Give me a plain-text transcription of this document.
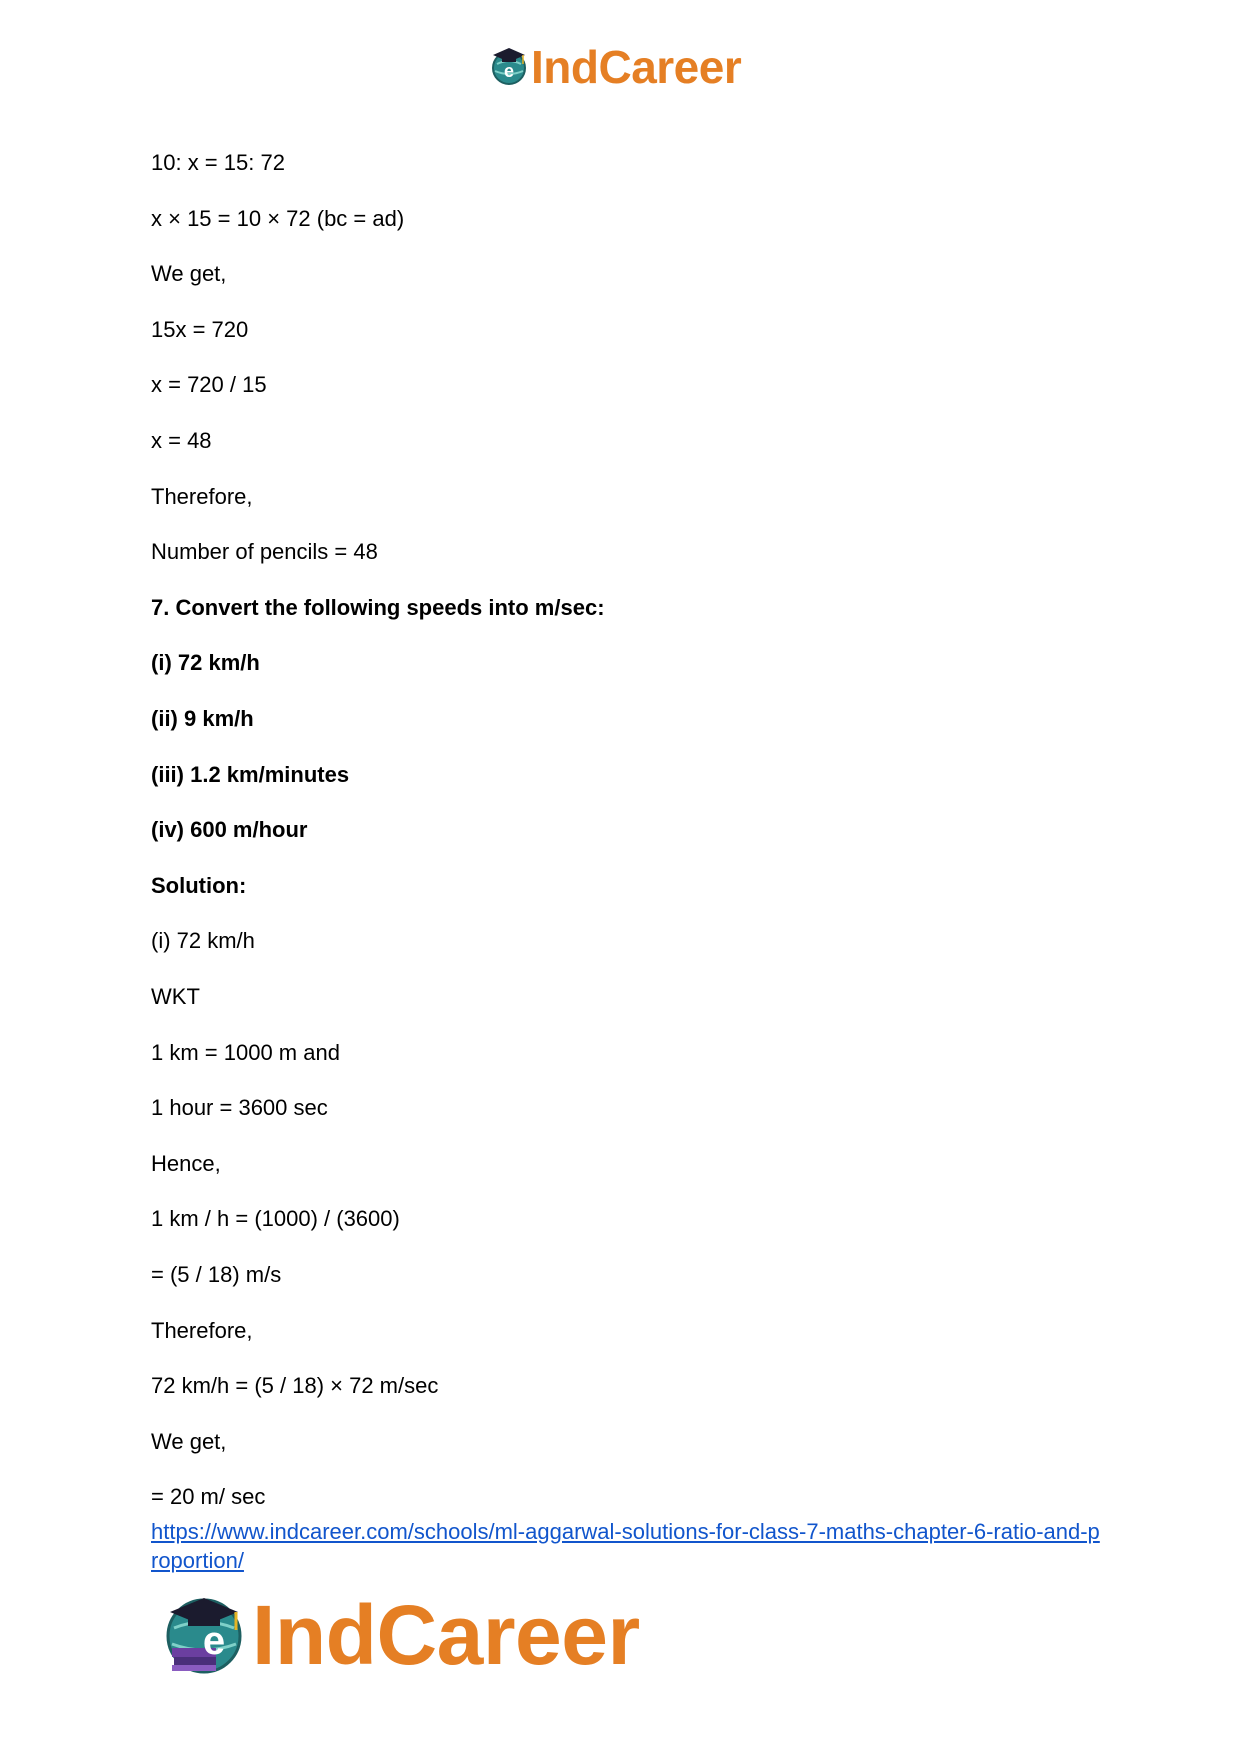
e IndCareer
10: x = 15: 72
x × 15 = 10 × 72 (bc = ad)
We get,
15x = 720
x = 720 / 15
x = 48
Therefore,
Number of pencils = 48
7. Convert the following speeds into m/sec:
(i) 72 km/h
(ii) 9 km/h
(iii) 1.2 km/minutes
(iv) 600 m/hour
Solution:
(i) 72 km/h
WKT
1 km = 1000 m and
1 hour = 3600 sec
Hence,
1 km / h = (1000) / (3600)
= (5 / 18) m/s
Therefore,
72 km/h = (5 / 18) × 72 m/sec
We get,
= 20 m/ sec
https://www.indcareer.com/schools/ml-aggarwal-solutions-for-class-7-maths-chapter-6-ratio-and-proportion/
e IndCareer
